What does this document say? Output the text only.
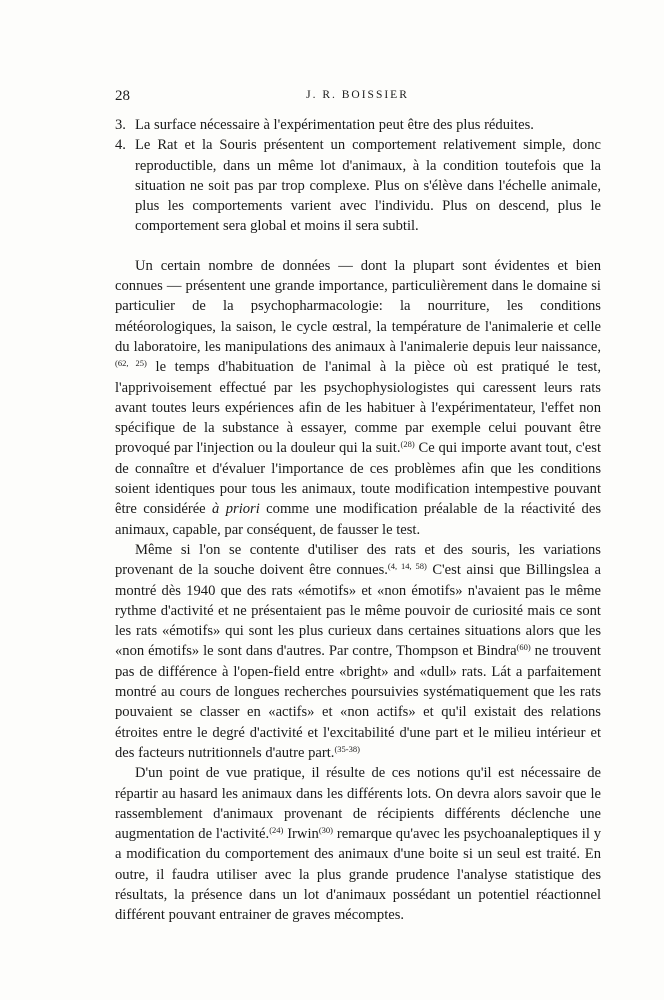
28	J. R. BOISSIER
3. La surface nécessaire à l'expérimentation peut être des plus réduites.
4. Le Rat et la Souris présentent un comportement relativement simple, donc reproductible, dans un même lot d'animaux, à la condition toutefois que la situation ne soit pas par trop complexe. Plus on s'élève dans l'échelle animale, plus les comportements varient avec l'individu. Plus on descend, plus le comportement sera global et moins il sera subtil.

Un certain nombre de données — dont la plupart sont évidentes et bien connues — présentent une grande importance, particulièrement dans le domaine si particulier de la psychopharmacologie: la nourriture, les conditions météorologiques, la saison, le cycle œstral, la température de l'animalerie et celle du laboratoire, les manipulations des animaux à l'animalerie depuis leur naissance,$^{(62, 25)}$ le temps d'habituation de l'animal à la pièce où est pratiqué le test, l'apprivoisement effectué par les psychophysiologistes qui caressent leurs rats avant toutes leurs expériences afin de les habituer à l'expérimentateur, l'effet non spécifique de la substance à essayer, comme par exemple celui pouvant être provoqué par l'injection ou la douleur qui la suit.$^{(28)}$ Ce qui importe avant tout, c'est de connaître et d'évaluer l'importance de ces problèmes afin que les conditions soient identiques pour tous les animaux, toute modification intempestive pouvant être considérée à priori comme une modification préalable de la réactivité des animaux, capable, par conséquent, de fausser le test.

Même si l'on se contente d'utiliser des rats et des souris, les variations provenant de la souche doivent être connues.$^{(4, 14, 58)}$ C'est ainsi que Billingslea a montré dès 1940 que des rats «émotifs» et «non émotifs» n'avaient pas le même rythme d'activité et ne présentaient pas le même pouvoir de curiosité mais ce sont les rats «émotifs» qui sont les plus curieux dans certaines situations alors que les «non émotifs» le sont dans d'autres. Par contre, Thompson et Bindra$^{(60)}$ ne trouvent pas de différence à l'open-field entre «bright» and «dull» rats. Lát a parfaitement montré au cours de longues recherches poursuivies systématiquement que les rats pouvaient se classer en «actifs» et «non actifs» et qu'il existait des relations étroites entre le degré d'activité et l'excitabilité d'une part et le milieu intérieur et des facteurs nutritionnels d'autre part.$^{(35-38)}$

D'un point de vue pratique, il résulte de ces notions qu'il est nécessaire de répartir au hasard les animaux dans les différents lots. On devra alors savoir que le rassemblement d'animaux provenant de récipients différents déclenche une augmentation de l'activité.$^{(24)}$ Irwin$^{(30)}$ remarque qu'avec les psychoanaleptiques il y a modification du comportement des animaux d'une boite si un seul est traité. En outre, il faudra utiliser avec la plus grande prudence l'analyse statistique des résultats, la présence dans un lot d'animaux possédant un potentiel réactionnel différent pouvant entrainer de graves mécomptes.
